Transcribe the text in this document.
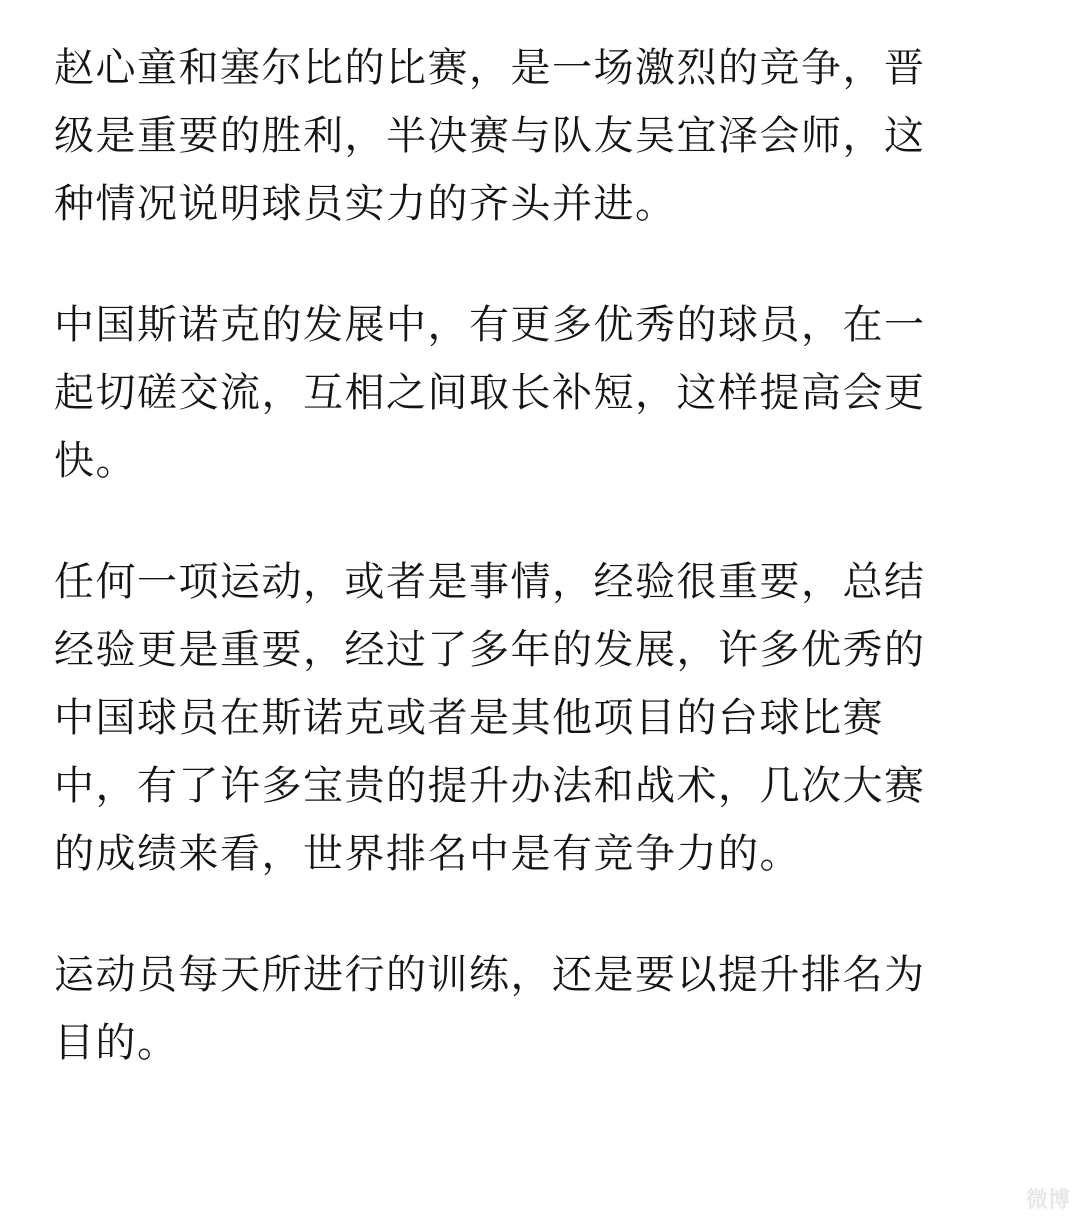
赵心童和塞尔比的比赛，是一场激烈的竞争，晋
级是重要的胜利，半决赛与队友吴宜泽会师，这
种情况说明球员实力的齐头并进。
中国斯诺克的发展中，有更多优秀的球员，在一
起切磋交流，互相之间取长补短，这样提高会更
快。
任何一项运动，或者是事情，经验很重要，总结
经验更是重要，经过了多年的发展，许多优秀的
中国球员在斯诺克或者是其他项目的台球比赛
中，有了许多宝贵的提升办法和战术，几次大赛
的成绩来看，世界排名中是有竞争力的。
运动员每天所进行的训练，还是要以提升排名为
目的。
微博
